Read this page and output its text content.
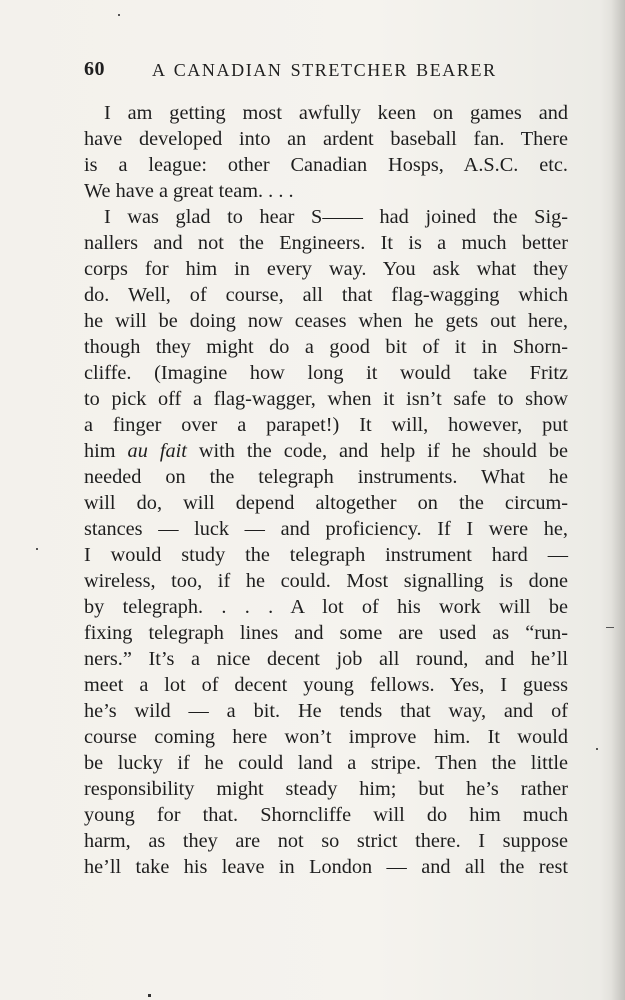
60	A CANADIAN STRETCHER BEARER
I am getting most awfully keen on games and
have developed into an ardent baseball fan. There
is a league: other Canadian Hosps, A.S.C. etc.
We have a great team. . . .
I was glad to hear S—— had joined the Sig-
nallers and not the Engineers. It is a much better
corps for him in every way. You ask what they
do. Well, of course, all that flag-wagging which
he will be doing now ceases when he gets out here,
though they might do a good bit of it in Shorn-
cliffe. (Imagine how long it would take Fritz
to pick off a flag-wagger, when it isn’t safe to show
a finger over a parapet!) It will, however, put
him au fait with the code, and help if he should be
needed on the telegraph instruments. What he
will do, will depend altogether on the circum-
stances — luck — and proficiency. If I were he,
I would study the telegraph instrument hard —
wireless, too, if he could. Most signalling is done
by telegraph. . . . A lot of his work will be
fixing telegraph lines and some are used as “run-
ners.” It’s a nice decent job all round, and he’ll
meet a lot of decent young fellows. Yes, I guess
he’s wild — a bit. He tends that way, and of
course coming here won’t improve him. It would
be lucky if he could land a stripe. Then the little
responsibility might steady him; but he’s rather
young for that. Shorncliffe will do him much
harm, as they are not so strict there. I suppose
he’ll take his leave in London — and all the rest
